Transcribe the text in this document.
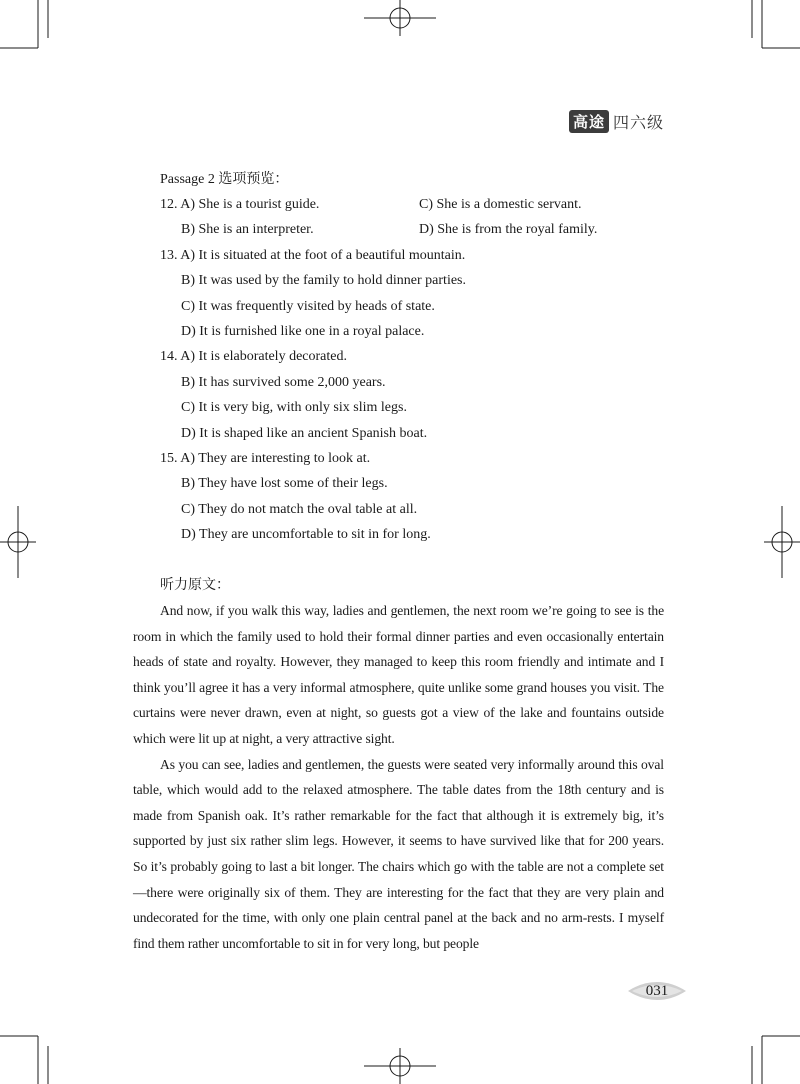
高途 四六级
Passage 2 选项预览：
12. A) She is a tourist guide.	C) She is a domestic servant.
B) She is an interpreter.	D) She is from the royal family.
13. A) It is situated at the foot of a beautiful mountain.
B) It was used by the family to hold dinner parties.
C) It was frequently visited by heads of state.
D) It is furnished like one in a royal palace.
14. A) It is elaborately decorated.
B) It has survived some 2,000 years.
C) It is very big, with only six slim legs.
D) It is shaped like an ancient Spanish boat.
15. A) They are interesting to look at.
B) They have lost some of their legs.
C) They do not match the oval table at all.
D) They are uncomfortable to sit in for long.
听力原文：

And now, if you walk this way, ladies and gentlemen, the next room we’re going to see is the room in which the family used to hold their formal dinner parties and even occasionally entertain heads of state and royalty. However, they managed to keep this room friendly and intimate and I think you’ll agree it has a very informal atmosphere, quite unlike some grand houses you visit. The curtains were never drawn, even at night, so guests got a view of the lake and fountains outside which were lit up at night, a very attractive sight.

As you can see, ladies and gentlemen, the guests were seated very informally around this oval table, which would add to the relaxed atmosphere. The table dates from the 18th century and is made from Spanish oak. It’s rather remarkable for the fact that although it is extremely big, it’s supported by just six rather slim legs. However, it seems to have survived like that for 200 years. So it’s probably going to last a bit longer. The chairs which go with the table are not a complete set—there were originally six of them. They are interesting for the fact that they are very plain and undecorated for the time, with only one plain central panel at the back and no arm-rests. I myself find them rather uncomfortable to sit in for very long, but people

031
